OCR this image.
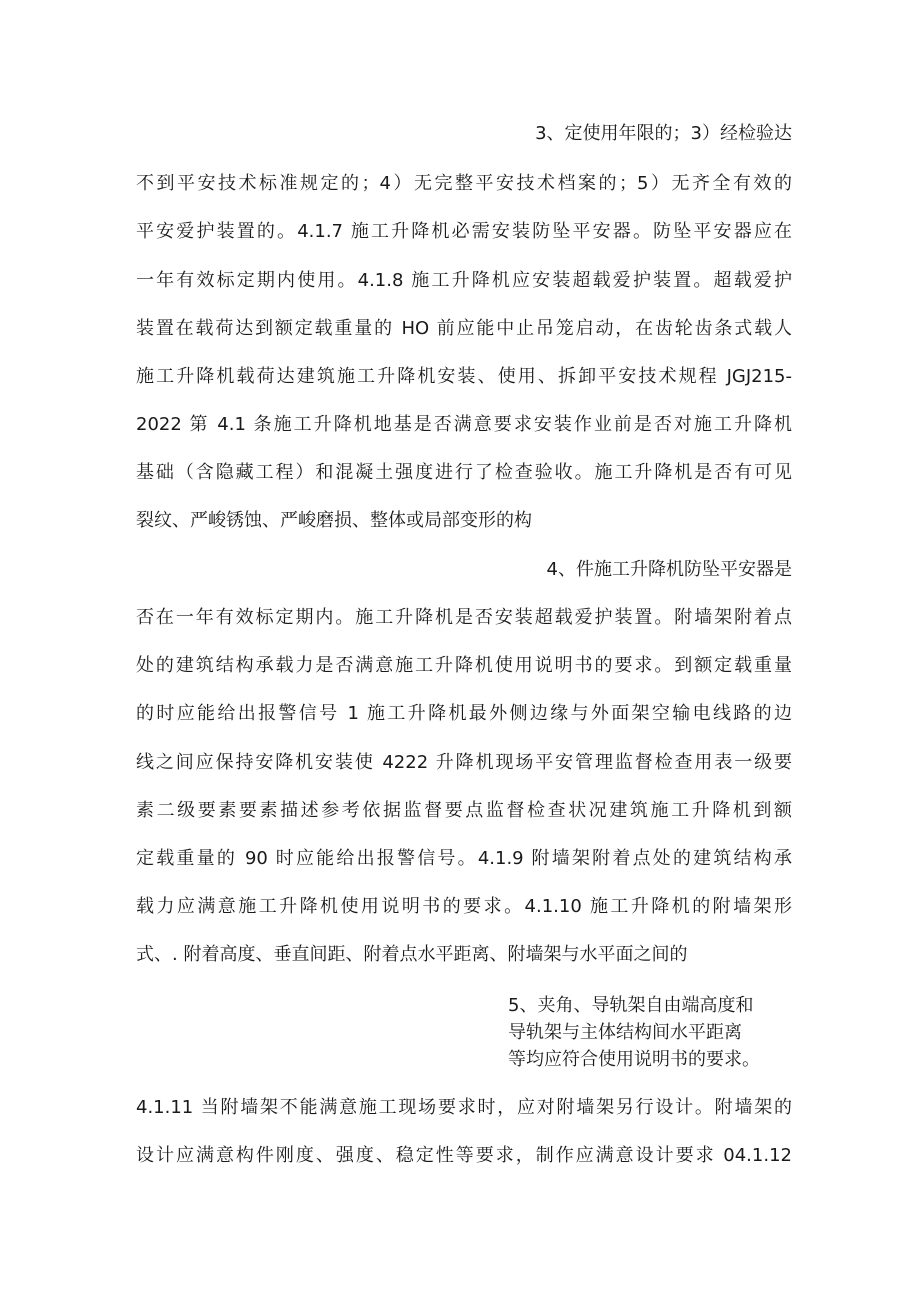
3、定使用年限的；3）经检验达
不到平安技术标准规定的；4）无完整平安技术档案的；5）无齐全有效的
平安爱护装置的。4.1.7 施工升降机必需安装防坠平安器。防坠平安器应在
一年有效标定期内使用。4.1.8 施工升降机应安装超载爱护装置。超载爱护
装置在载荷达到额定载重量的 HO 前应能中止吊笼启动，在齿轮齿条式载人
施工升降机载荷达建筑施工升降机安装、使用、拆卸平安技术规程 JGJ215-
2022 第 4.1 条施工升降机地基是否满意要求安装作业前是否对施工升降机
基础（含隐藏工程）和混凝土强度进行了检查验收。施工升降机是否有可见
裂纹、严峻锈蚀、严峻磨损、整体或局部变形的构
4、件施工升降机防坠平安器是
否在一年有效标定期内。施工升降机是否安装超载爱护装置。附墙架附着点
处的建筑结构承载力是否满意施工升降机使用说明书的要求。到额定载重量
的时应能给出报警信号 1 施工升降机最外侧边缘与外面架空输电线路的边
线之间应保持安降机安装使 4222 升降机现场平安管理监督检查用表一级要
素二级要素要素描述参考依据监督要点监督检查状况建筑施工升降机到额
定载重量的 90 时应能给出报警信号。4.1.9 附墙架附着点处的建筑结构承
载力应满意施工升降机使用说明书的要求。4.1.10 施工升降机的附墙架形
式、. 附着高度、垂直间距、附着点水平距离、附墙架与水平面之间的
5、夹角、导轨架自由端高度和
导轨架与主体结构间水平距离
等均应符合使用说明书的要求。
4.1.11 当附墙架不能满意施工现场要求时，应对附墙架另行设计。附墙架的
设计应满意构件刚度、强度、稳定性等要求，制作应满意设计要求 04.1.12
